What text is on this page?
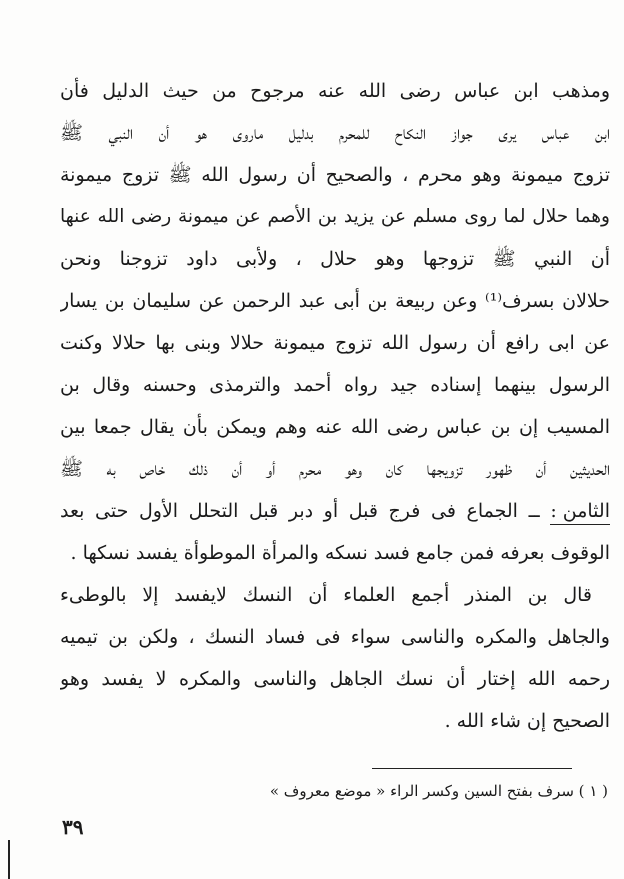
ومذهب ابن عباس رضى الله عنه مرجوح من حيث الدليل فأن
ابن عباس يرى جواز النكاح للمحرم بدليل ماروى هو أن النبي ﷺ
تزوج ميمونة وهو محرم ، والصحيح أن رسول الله ﷺ تزوج ميمونة
وهما حلال لما روى مسلم عن يزيد بن الأصم عن ميمونة رضى الله عنها
أن النبي ﷺ تزوجها وهو حلال ، ولأبى داود تزوجنا ونحن
حلالان بسرف⁽¹⁾ وعن ربيعة بن أبى عبد الرحمن عن سليمان بن يسار
عن ابى رافع أن رسول الله تزوج ميمونة حلالا وبنى بها حلالا وكنت
الرسول بينهما إسناده جيد رواه أحمد والترمذى وحسنه وقال بن
المسيب إن بن عباس رضى الله عنه وهم ويمكن بأن يقال جمعا بين
الحديثين أن ظهور تزويجها كان وهو محرم أو أن ذلك خاص به ﷺ
الثامن : ــ الجماع فى فرج قبل أو دبر قبل التحلل الأول حتى بعد
الوقوف بعرفه فمن جامع فسد نسكه والمرأة الموطوأة يفسد نسكها .
قال بن المنذر أجمع العلماء أن النسك لايفسد إلا بالوطىء
والجاهل والمكره والناسى سواء فى فساد النسك ، ولكن بن تيميه
رحمه الله إختار أن نسك الجاهل والناسى والمكره لا يفسد وهو
الصحيح إن شاء الله .
( ١ ) سرف بفتح السين وكسر الراء « موضع معروف »
٣٩
